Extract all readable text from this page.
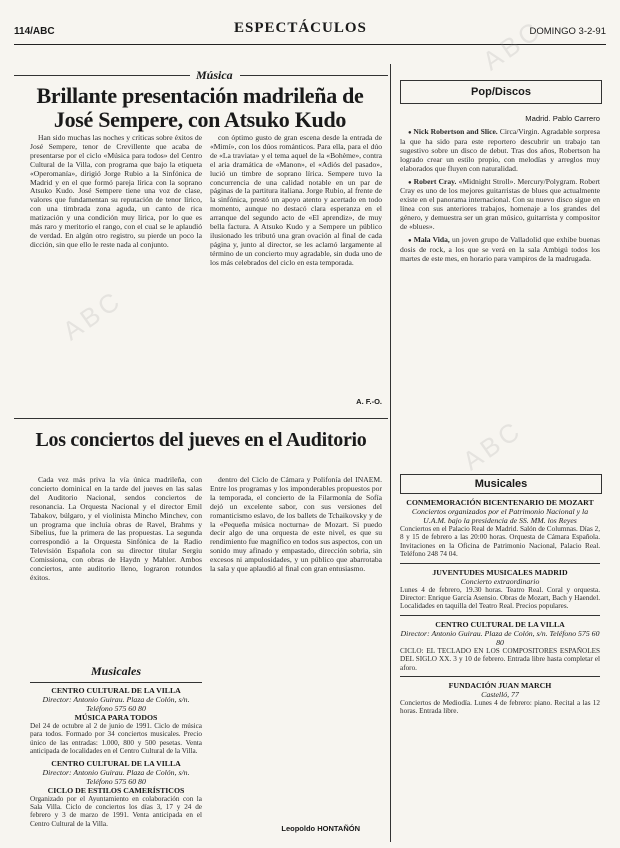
114/ABC	ESPECTÁCULOS	DOMINGO 3-2-91
Música
Brillante presentación madrileña de José Sempere, con Atsuko Kudo

Han sido muchas las noches y críticas sobre éxitos de José Sempere, tenor de Crevillente que acaba de presentarse por el ciclo «Música para todos» del Centro Cultural de la Villa, con programa que bajo la etiqueta «Operomanía», dirigió Jorge Rubio a la Sinfónica de Madrid y en el que formó pareja lírica con la soprano Atsuko Kudo. José Sempere tiene una voz de clase, valores que fundamentan su reputación de tenor lírico, con una timbrada zona aguda, un canto de rica matización y una condición muy lírica, por lo que es más raro y meritorio el rango, con el cual se le aplaudió de verdad. En algún otro registro, su pierde un poco la dicción, sin que ello le reste nada al conjunto.

con óptimo gusto de gran escena desde la entrada de «Mimí», con los dúos románticos. Para ella, para el dúo de «La traviata» y el tema aquel de la «Bohème», contra el aria dramática de «Manon», el «Adiós del pasado», lució un timbre de soprano lírica. Sempere tuvo la concurrencia de una calidad notable en un par de páginas de la partitura italiana. Jorge Rubio, al frente de la sinfónica, prestó un apoyo atento y acertado en todo momento, aunque no destacó clara esperanza en el arranque del segundo acto de «El aprendiz», de muy bella factura. A Atsuko Kudo y a Sempere un público ilusionado les tributó una gran ovación al final de cada página y, junto al director, se les aclamó largamente al término de un concierto muy agradable, sin duda uno de los más celebrados del ciclo en esta temporada.

A. F.-O.
Los conciertos del jueves en el Auditorio

Cada vez más priva la vía única madrileña, con concierto dominical en la tarde del jueves en las salas del Auditorio Nacional, sendos conciertos de resonancia. La Orquesta Nacional y el director Emil Tabakov, búlgaro, y el violinista Mincho Minchev, con un programa que incluía obras de Ravel, Brahms y Sibelius, fue la primera de las propuestas. La segunda correspondió a la Orquesta Sinfónica de la Radio Televisión Española con su director titular Sergiu Comissiona, con obras de Haydn y Mahler. Ambos conciertos, ante auditorio lleno, lograron rotundos éxitos.

dentro del Ciclo de Cámara y Polifonía del INAEM. Entre los programas y los imponderables propuestos por la temporada, el concierto de la Filarmonía de Sofía dejó un excelente sabor, con sus versiones del romanticismo eslavo, de los ballets de Tchaikovsky y de la «Pequeña música nocturna» de Mozart. Si puedo decir algo de una orquesta de este nivel, es que su rendimiento fue magnífico en todos sus aspectos, con un sonido muy afinado y empastado, dirección sobria, sin excesos ni ampulosidades, y un público que abarrotaba la sala y que aplaudió al final con gran entusiasmo.

Leopoldo HONTAÑÓN
Musicales
CENTRO CULTURAL DE LA VILLA
Director: Antonio Guirau. Plaza de Colón, s/n. Teléfono 575 60 80
MÚSICA PARA TODOS
Del 24 de octubre al 2 de junio de 1991. Ciclo de música para todos. Formado por 34 conciertos musicales. Precio único de las entradas: 1.000, 800 y 500 pesetas. Venta anticipada de localidades en el Centro Cultural de la Villa.
CENTRO CULTURAL DE LA VILLA
Director: Antonio Guirau. Plaza de Colón, s/n. Teléfono 575 60 80
CICLO DE ESTILOS CAMERÍSTICOS
Organizado por el Ayuntamiento en colaboración con la Sala Villa. Ciclo de conciertos los días 3, 17 y 24 de febrero y 3 de marzo de 1991. Venta anticipada en el Centro Cultural de la Villa.
Pop/Discos
Madrid. Pablo Carrero

● Nick Robertson and Slice. Circa/Virgin. Agradable sorpresa la que ha sido para este reportero descubrir un trabajo tan sugestivo sobre un disco de debut. Tras dos años, Robertson ha logrado crear un estilo propio, con melodías y arreglos muy elaborados que fluyen con naturalidad.

● Robert Cray. «Midnight Stroll». Mercury/Polygram. Robert Cray es uno de los mejores guitarristas de blues que actualmente existe en el panorama internacional. Con su nuevo disco sigue en línea con sus anteriores trabajos, homenaje a los grandes del género, y demuestra ser un gran músico, guitarrista y compositor de «blues».

● Mala Vida, un joven grupo de Valladolid que exhibe buenas dosis de rock, a los que se verá en la sala Ambigú todos los martes de este mes, en horario para vampiros de la madrugada.

Musicales
CONMEMORACIÓN BICENTENARIO DE MOZART
Conciertos organizados por el Patrimonio Nacional y la U.A.M. bajo la presidencia de SS. MM. los Reyes
Conciertos en el Palacio Real de Madrid. Salón de Columnas. Días 2, 8 y 15 de febrero a las 20:00 horas. Orquesta de Cámara Española. Invitaciones en la Oficina de Patrimonio Nacional, Palacio Real. Teléfono 248 74 04.
JUVENTUDES MUSICALES MADRID
Concierto extraordinario
Lunes 4 de febrero, 19.30 horas. Teatro Real. Coral y orquesta. Director: Enrique García Asensio. Obras de Mozart, Bach y Haendel. Localidades en taquilla del Teatro Real. Precios populares.
CENTRO CULTURAL DE LA VILLA
Director: Antonio Guirau. Plaza de Colón, s/n. Teléfono 575 60 80
CICLO: EL TECLADO EN LOS COMPOSITORES ESPAÑOLES DEL SIGLO XX. 3 y 10 de febrero. Entrada libre hasta completar el aforo.
FUNDACIÓN JUAN MARCH
Castelló, 77
Conciertos de Mediodía. Lunes 4 de febrero: piano. Recital a las 12 horas. Entrada libre.
ABC
ABC
ABC
